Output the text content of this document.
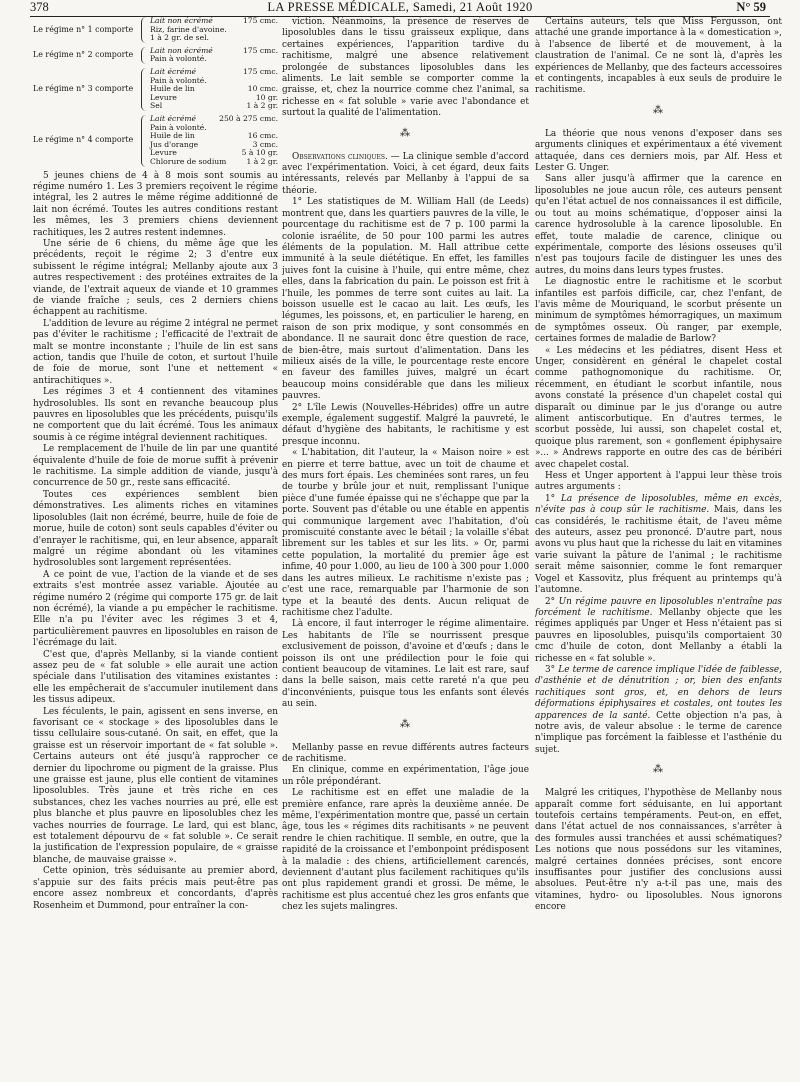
378	LA PRESSE MÉDICALE, Samedi, 21 Août 1920	N° 59
Le régime n° 1 comporte
Lait non écrémé	175 cmc.
Riz, farine d'avoine.
1 à 2 gr. de sel.
Le régime n° 2 comporte	Lait non écrémé	175 cmc.
Pain à volonté.
Le régime n° 3 comporte
Lait écrémé	175 cmc.
Pain à volonté.
Huile de lin	10 cmc.
Levure	10 gr.
Sel	1 à 2 gr.
Le régime n° 4 comporte
Lait écrémé	250 à 275 cmc.
Pain à volonté.
Huile de lin	16 cmc.
Jus d'orange	3 cmc.
Levure	5 à 10 gr.
Chlorure de sodium	1 à 2 gr.

5 jeunes chiens de 4 à 8 mois sont soumis au régime numéro 1. Les 3 premiers reçoivent le régime intégral, les 2 autres le même régime additionné de lait non écrémé. Toutes les autres conditions restant les mêmes, les 3 premiers chiens deviennent rachitiques, les 2 autres restent indemnes.

Une série de 6 chiens, du même âge que les précédents, reçoit le régime 2; 3 d'entre eux subissent le régime intégral; Mellanby ajoute aux 3 autres respectivement : des protéines extraites de la viande, de l'extrait aqueux de viande et 10 grammes de viande fraîche ; seuls, ces 2 derniers chiens échappent au rachitisme.

L'addition de levure au régime 2 intégral ne permet pas d'éviter le rachitisme ; l'efficacité de l'extrait de malt se montre inconstante ; l'huile de lin est sans action, tandis que l'huile de coton, et surtout l'huile de foie de morue, sont l'une et nettement « antirachitiques ».

Les régimes 3 et 4 contiennent des vitamines hydrosolubles. Ils sont en revanche beaucoup plus pauvres en liposolubles que les précédents, puisqu'ils ne comportent que du lait écrémé. Tous les animaux soumis à ce régime intégral deviennent rachitiques.

Le remplacement de l'huile de lin par une quantité équivalente d'huile de foie de morue suffit à prévenir le rachitisme. La simple addition de viande, jusqu'à concurrence de 50 gr., reste sans efficacité.

Toutes ces expériences semblent bien démonstratives. Les aliments riches en vitamines liposolubles (lait non écrémé, beurre, huile de foie de morue, huile de coton) sont seuls capables d'éviter ou d'enrayer le rachitisme, qui, en leur absence, apparaît malgré un régime abondant où les vitamines hydrosolubles sont largement représentées.

A ce point de vue, l'action de la viande et de ses extraits s'est montrée assez variable. Ajoutée au régime numéro 2 (régime qui comporte 175 gr. de lait non écrémé), la viande a pu empêcher le rachitisme. Elle n'a pu l'éviter avec les régimes 3 et 4, particulièrement pauvres en liposolubles en raison de l'écrémage du lait.

C'est que, d'après Mellanby, si la viande contient assez peu de « fat soluble » elle aurait une action spéciale dans l'utilisation des vitamines existantes : elle les empêcherait de s'accumuler inutilement dans les tissus adipeux.

Les féculents, le pain, agissent en sens inverse, en favorisant ce « stockage » des liposolubles dans le tissu cellulaire sous-cutané. On sait, en effet, que la graisse est un réservoir important de « fat soluble ». Certains auteurs ont été jusqu'à rapprocher ce dernier du lipochrome ou pigment de la graisse. Plus une graisse est jaune, plus elle contient de vitamines liposolubles. Très jaune et très riche en ces substances, chez les vaches nourries au pré, elle est plus blanche et plus pauvre en liposolubles chez les vaches nourries de fourrage. Le lard, qui est blanc, est totalement dépourvu de « fat soluble ». Ce serait la justification de l'expression populaire, de « graisse blanche, de mauvaise graisse ».

Cette opinion, très séduisante au premier abord, s'appuie sur des faits précis mais peut-être pas encore assez nombreux et concordants, d'après Rosenheim et Dummond, pour entraîner la con-

viction. Néanmoins, la présence de réserves de liposolubles dans le tissu graisseux explique, dans certaines expériences, l'apparition tardive du rachitisme, malgré une absence relativement prolongée de substances liposolubles dans les aliments. Le lait semble se comporter comme la graisse, et, chez la nourrice comme chez l'animal, sa richesse en « fat soluble » varie avec l'abondance et surtout la qualité de l'alimentation.

⁂

Observations cliniques. — La clinique semble d'accord avec l'expérimentation. Voici, à cet égard, deux faits intéressants, relevés par Mellanby à l'appui de sa théorie.

1° Les statistiques de M. William Hall (de Leeds) montrent que, dans les quartiers pauvres de la ville, le pourcentage du rachitisme est de 7 p. 100 parmi la colonie israélite, de 50 pour 100 parmi les autres éléments de la population. M. Hall attribue cette immunité à la seule diététique. En effet, les familles juives font la cuisine à l'huile, qui entre même, chez elles, dans la fabrication du pain. Le poisson est frit à l'huile, les pommes de terre sont cuites au lait. La boisson usuelle est le cacao au lait. Les œufs, les légumes, les poissons, et, en particulier le hareng, en raison de son prix modique, y sont consommés en abondance. Il ne saurait donc être question de race, de bien-être, mais surtout d'alimentation. Dans les milieux aisés de la ville, le pourcentage reste encore en faveur des familles juives, malgré un écart beaucoup moins considérable que dans les milieux pauvres.

2° L'île Lewis (Nouvelles-Hébrides) offre un autre exemple, également suggestif. Malgré la pauvreté, le défaut d'hygiène des habitants, le rachitisme y est presque inconnu.

« L'habitation, dit l'auteur, la « Maison noire » est en pierre et terre battue, avec un toit de chaume et des murs fort épais. Les cheminées sont rares, un feu de tourbe y brûle jour et nuit, remplissant l'unique pièce d'une fumée épaisse qui ne s'échappe que par la porte. Souvent pas d'étable ou une étable en appentis qui communique largement avec l'habitation, d'où promiscuité constante avec le bétail ; la volaille s'ébat librement sur les tables et sur les lits. » Or, parmi cette population, la mortalité du premier âge est infime, 40 pour 1.000, au lieu de 100 à 300 pour 1.000 dans les autres milieux. Le rachitisme n'existe pas ; c'est une race, remarquable par l'harmonie de son type et la beauté des dents. Aucun reliquat de rachitisme chez l'adulte.

Là encore, il faut interroger le régime alimentaire. Les habitants de l'île se nourrissent presque exclusivement de poisson, d'avoine et d'œufs ; dans le poisson ils ont une prédilection pour le foie qui contient beaucoup de vitamines. Le lait est rare, sauf dans la belle saison, mais cette rareté n'a que peu d'inconvénients, puisque tous les enfants sont élevés au sein.

⁂

Mellanby passe en revue différents autres facteurs de rachitisme.

En clinique, comme en expérimentation, l'âge joue un rôle prépondérant.

Le rachitisme est en effet une maladie de la première enfance, rare après la deuxième année. De même, l'expérimentation montre que, passé un certain âge, tous les « régimes dits rachitisants » ne peuvent rendre le chien rachitique. Il semble, en outre, que la rapidité de la croissance et l'embonpoint prédisposent à la maladie : des chiens, artificiellement carencés, deviennent d'autant plus facilement rachitiques qu'ils ont plus rapidement grandi et grossi. De même, le rachitisme est plus accentué chez les gros enfants que chez les sujets malingres.

Certains auteurs, tels que Miss Fergusson, ont attaché une grande importance à la « domestication », à l'absence de liberté et de mouvement, à la claustration de l'animal. Ce ne sont là, d'après les expériences de Mellanby, que des facteurs accessoires et contingents, incapables à eux seuls de produire le rachitisme.

⁂

La théorie que nous venons d'exposer dans ses arguments cliniques et expérimentaux a été vivement attaquée, dans ces derniers mois, par Alf. Hess et Lester G. Unger.

Sans aller jusqu'à affirmer que la carence en liposolubles ne joue aucun rôle, ces auteurs pensent qu'en l'état actuel de nos connaissances il est difficile, ou tout au moins schématique, d'opposer ainsi la carence hydrosoluble à la carence liposoluble. En effet, toute maladie de carence, clinique ou expérimentale, comporte des lésions osseuses qu'il n'est pas toujours facile de distinguer les unes des autres, du moins dans leurs types frustes.

Le diagnostic entre le rachitisme et le scorbut infantiles est parfois difficile, car, chez l'enfant, de l'avis même de Mouriquand, le scorbut présente un minimum de symptômes hémorragiques, un maximum de symptômes osseux. Où ranger, par exemple, certaines formes de maladie de Barlow?

« Les médecins et les pédiatres, disent Hess et Unger, considèrent en général le chapelet costal comme pathognomonique du rachitisme. Or, récemment, en étudiant le scorbut infantile, nous avons constaté la présence d'un chapelet costal qui disparaît ou diminue par le jus d'orange ou autre aliment antiscorbutique. En d'autres termes, le scorbut possède, lui aussi, son chapelet costal et, quoique plus rarement, son « gonflement épiphysaire »... » Andrews rapporte en outre des cas de béribéri avec chapelet costal.

Hess et Unger apportent à l'appui leur thèse trois autres arguments :

1° La présence de liposolubles, même en excès, n'évite pas à coup sûr le rachitisme. Mais, dans les cas considérés, le rachitisme était, de l'aveu même des auteurs, assez peu prononcé. D'autre part, nous avons vu plus haut que la richesse du lait en vitamines varie suivant la pâture de l'animal ; le rachitisme serait même saisonnier, comme le font remarquer Vogel et Kassovitz, plus fréquent au printemps qu'à l'automne.

2° Un régime pauvre en liposolubles n'entraîne pas forcément le rachitisme. Mellanby objecte que les régimes appliqués par Unger et Hess n'étaient pas si pauvres en liposolubles, puisqu'ils comportaient 30 cmc d'huile de coton, dont Mellanby a établi la richesse en « fat soluble ».

3° Le terme de carence implique l'idée de faiblesse, d'asthénie et de dénutrition ; or, bien des enfants rachitiques sont gros, et, en dehors de leurs déformations épiphysaires et costales, ont toutes les apparences de la santé. Cette objection n'a pas, à notre avis, de valeur absolue : le terme de carence n'implique pas forcément la faiblesse et l'asthénie du sujet.

⁂

Malgré les critiques, l'hypothèse de Mellanby nous apparaît comme fort séduisante, en lui apportant toutefois certains tempéraments. Peut-on, en effet, dans l'état actuel de nos connaissances, s'arrêter à des formules aussi tranchées et aussi schématiques? Les notions que nous possédons sur les vitamines, malgré certaines données précises, sont encore insuffisantes pour justifier des conclusions aussi absolues. Peut-être n'y a-t-il pas une, mais des vitamines, hydro- ou liposolubles. Nous ignorons encore
